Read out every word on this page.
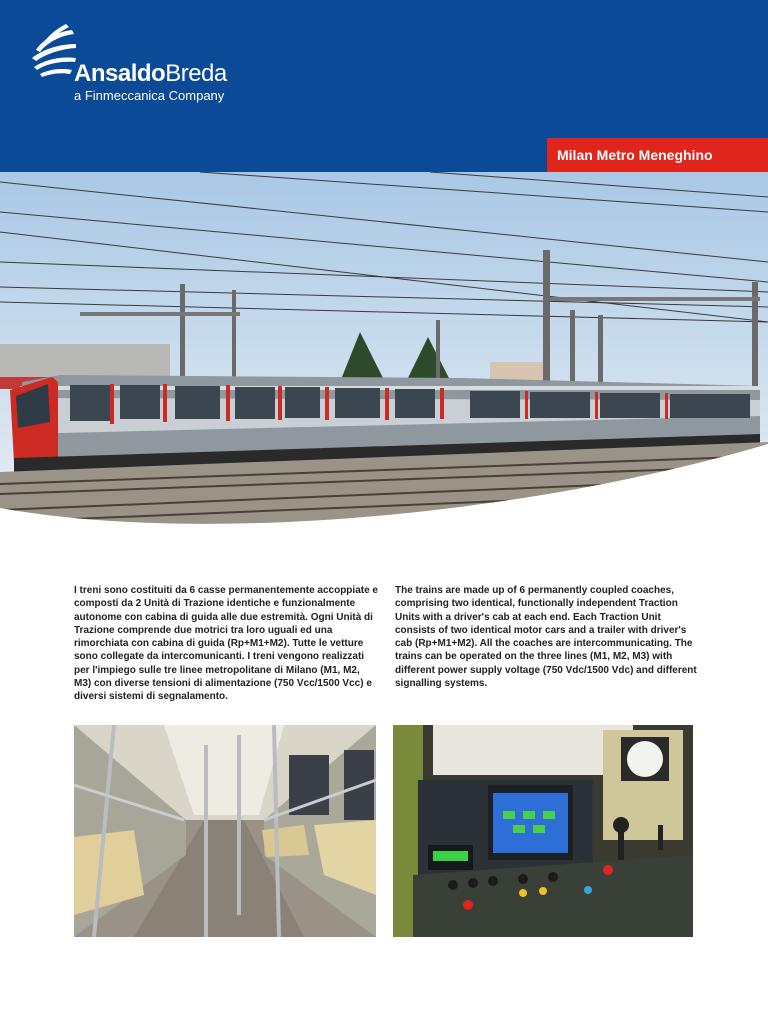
AnsaldoBreda
a Finmeccanica Company
Milan Metro Meneghino
I treni sono costituiti da 6 casse permanentemente accoppiate e composti da 2 Unità di Trazione identiche e funzionalmente autonome con cabina di guida alle due estremità. Ogni Unità di Trazione comprende due motrici tra loro uguali ed una rimorchiata con cabina di guida (Rp+M1+M2). Tutte le vetture sono collegate da intercomunicanti. I treni vengono realizzati per l'impiego sulle tre linee metropolitane di Milano (M1, M2, M3) con diverse tensioni di alimentazione (750 Vcc/1500 Vcc) e diversi sistemi di segnalamento.
The trains are made up of 6 permanently coupled coaches, comprising two identical, functionally independent Traction Units with a driver's cab at each end. Each Traction Unit consists of two identical motor cars and a trailer with driver's cab (Rp+M1+M2). All the coaches are intercommunicating. The trains can be operated on the three lines (M1, M2, M3) with different power supply voltage (750 Vdc/1500 Vdc) and different signalling systems.
